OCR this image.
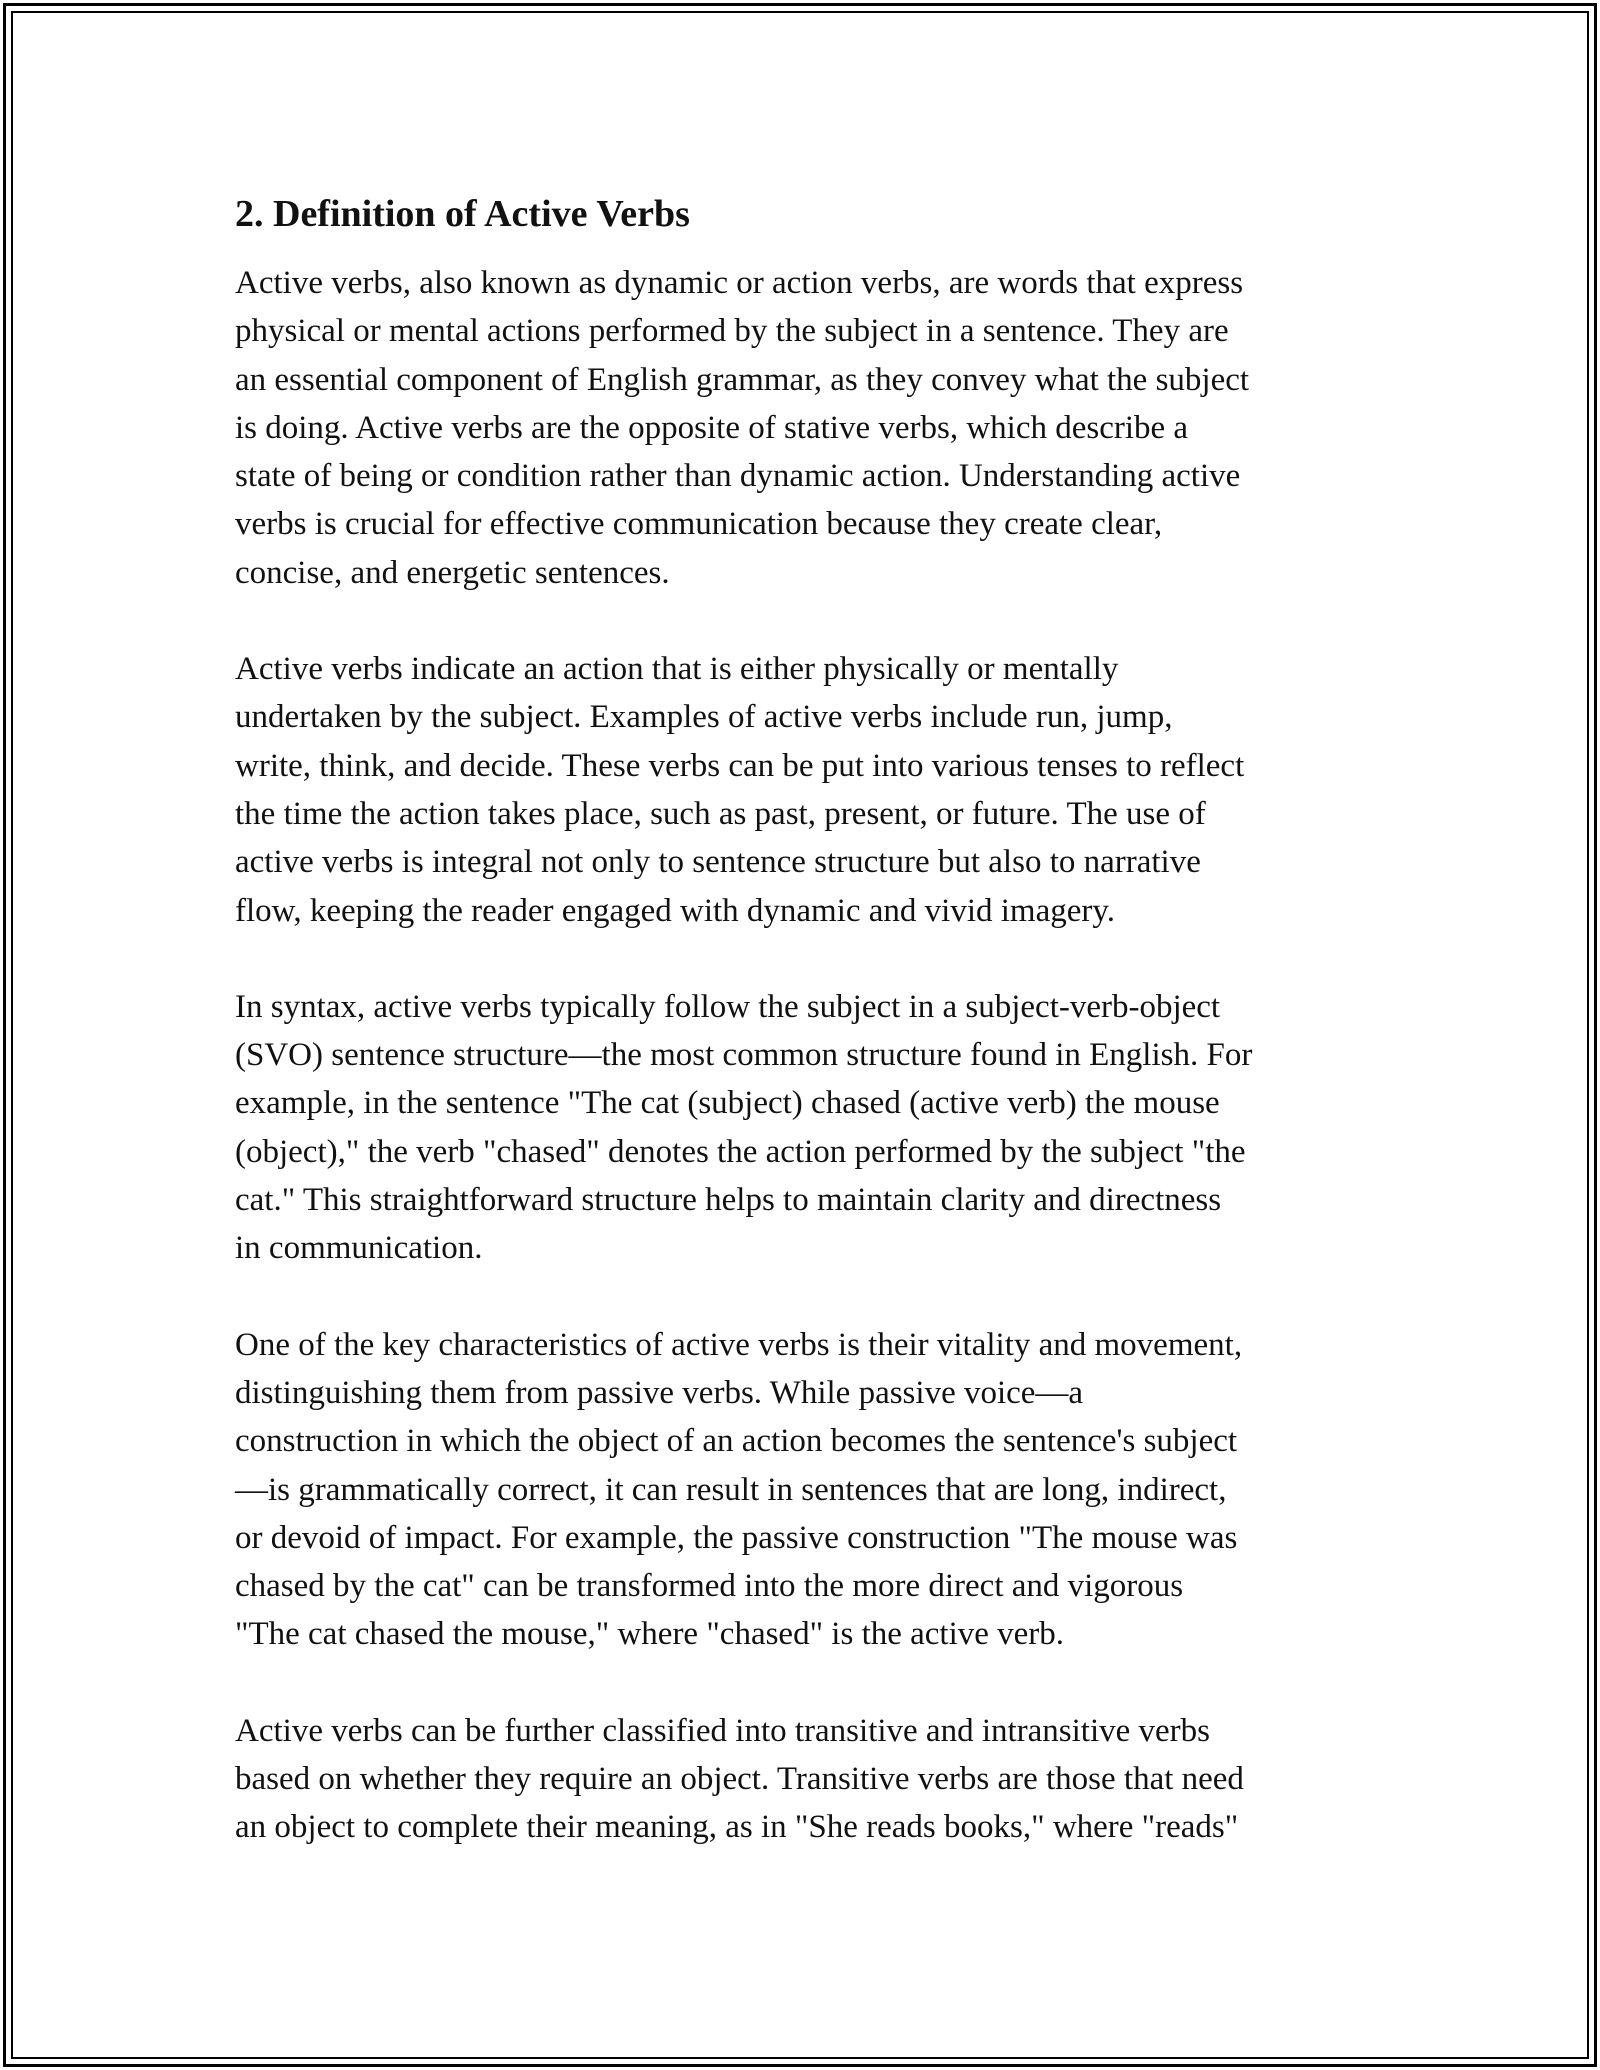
2. Definition of Active Verbs

Active verbs, also known as dynamic or action verbs, are words that express
physical or mental actions performed by the subject in a sentence. They are
an essential component of English grammar, as they convey what the subject
is doing. Active verbs are the opposite of stative verbs, which describe a
state of being or condition rather than dynamic action. Understanding active
verbs is crucial for effective communication because they create clear,
concise, and energetic sentences.

Active verbs indicate an action that is either physically or mentally
undertaken by the subject. Examples of active verbs include run, jump,
write, think, and decide. These verbs can be put into various tenses to reflect
the time the action takes place, such as past, present, or future. The use of
active verbs is integral not only to sentence structure but also to narrative
flow, keeping the reader engaged with dynamic and vivid imagery.

In syntax, active verbs typically follow the subject in a subject-verb-object
(SVO) sentence structure—the most common structure found in English. For
example, in the sentence "The cat (subject) chased (active verb) the mouse
(object)," the verb "chased" denotes the action performed by the subject "the
cat." This straightforward structure helps to maintain clarity and directness
in communication.

One of the key characteristics of active verbs is their vitality and movement,
distinguishing them from passive verbs. While passive voice—a
construction in which the object of an action becomes the sentence's subject
—is grammatically correct, it can result in sentences that are long, indirect,
or devoid of impact. For example, the passive construction "The mouse was
chased by the cat" can be transformed into the more direct and vigorous
"The cat chased the mouse," where "chased" is the active verb.

Active verbs can be further classified into transitive and intransitive verbs
based on whether they require an object. Transitive verbs are those that need
an object to complete their meaning, as in "She reads books," where "reads"
